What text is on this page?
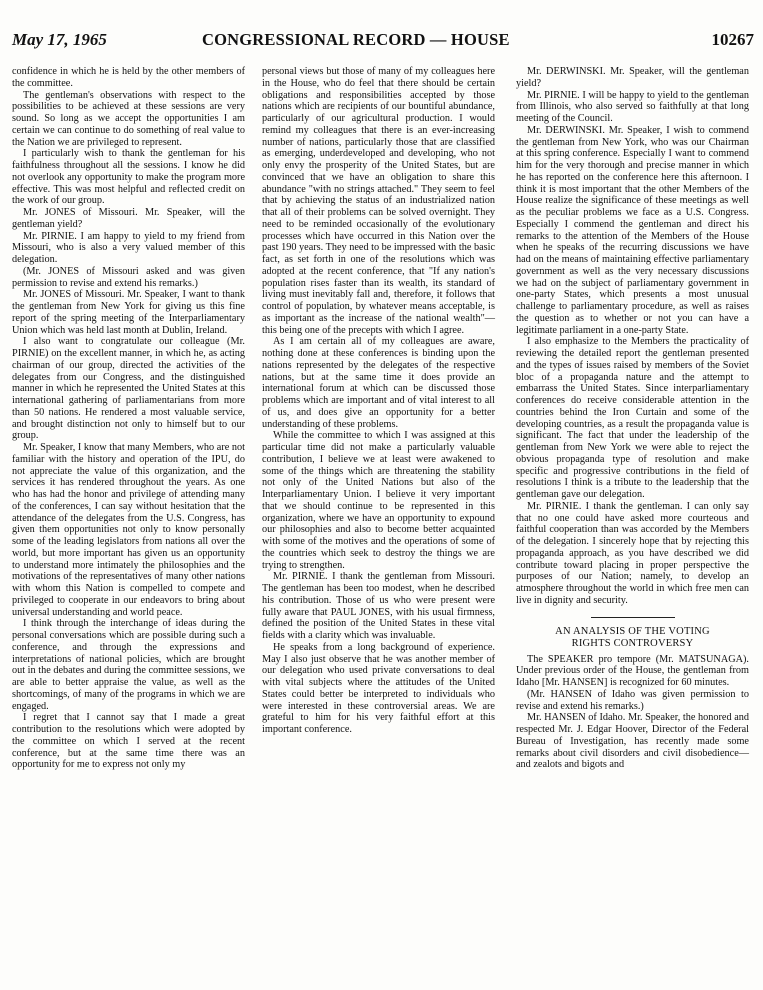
May 17, 1965	CONGRESSIONAL RECORD — HOUSE	10267

confidence in which he is held by the other members of the committee.

The gentleman's observations with respect to the possibilities to be achieved at these sessions are very sound. So long as we accept the opportunities I am certain we can continue to do something of real value to the Nation we are privileged to represent.

I particularly wish to thank the gentleman for his faithfulness throughout all the sessions. I know he did not overlook any opportunity to make the program more effective. This was most helpful and reflected credit on the work of our group.

Mr. JONES of Missouri. Mr. Speaker, will the gentleman yield?

Mr. PIRNIE. I am happy to yield to my friend from Missouri, who is also a very valued member of this delegation.

(Mr. JONES of Missouri asked and was given permission to revise and extend his remarks.)

Mr. JONES of Missouri. Mr. Speaker, I want to thank the gentleman from New York for giving us this fine report of the spring meeting of the Interparliamentary Union which was held last month at Dublin, Ireland.

I also want to congratulate our colleague (Mr. PIRNIE) on the excellent manner, in which he, as acting chairman of our group, directed the activities of the delegates from our Congress, and the distinguished manner in which he represented the United States at this international gathering of parliamentarians from more than 50 nations. He rendered a most valuable service, and brought distinction not only to himself but to our group.

Mr. Speaker, I know that many Members, who are not familiar with the history and operation of the IPU, do not appreciate the value of this organization, and the services it has rendered throughout the years. As one who has had the honor and privilege of attending many of the conferences, I can say without hesitation that the attendance of the delegates from the U.S. Congress, has given them opportunities not only to know personally some of the leading legislators from nations all over the world, but more important has given us an opportunity to understand more intimately the philosophies and the motivations of the representatives of many other nations with whom this Nation is compelled to compete and privileged to cooperate in our endeavors to bring about universal understanding and world peace.

I think through the interchange of ideas during the personal conversations which are possible during such a conference, and through the expressions and interpretations of national policies, which are brought out in the debates and during the committee sessions, we are able to better appraise the value, as well as the shortcomings, of many of the programs in which we are engaged.

I regret that I cannot say that I made a great contribution to the resolutions which were adopted by the committee on which I served at the recent conference, but at the same time there was an opportunity for me to express not only my

personal views but those of many of my colleagues here in the House, who do feel that there should be certain obligations and responsibilities accepted by those nations which are recipients of our bountiful abundance, particularly of our agricultural production. I would remind my colleagues that there is an ever-increasing number of nations, particularly those that are classified as emerging, underdeveloped and developing, who not only envy the prosperity of the United States, but are convinced that we have an obligation to share this abundance "with no strings attached." They seem to feel that by achieving the status of an industrialized nation that all of their problems can be solved overnight. They need to be reminded occasionally of the evolutionary processes which have occurred in this Nation over the past 190 years. They need to be impressed with the basic fact, as set forth in one of the resolutions which was adopted at the recent conference, that "If any nation's population rises faster than its wealth, its standard of living must inevitably fall and, therefore, it follows that control of population, by whatever means acceptable, is as important as the increase of the national wealth"—this being one of the precepts with which I agree.

As I am certain all of my colleagues are aware, nothing done at these conferences is binding upon the nations represented by the delegates of the respective nations, but at the same time it does provide an international forum at which can be discussed those problems which are important and of vital interest to all of us, and does give an opportunity for a better understanding of these problems.

While the committee to which I was assigned at this particular time did not make a particularly valuable contribution, I believe we at least were awakened to some of the things which are threatening the stability not only of the United Nations but also of the Interparliamentary Union. I believe it very important that we should continue to be represented in this organization, where we have an opportunity to expound our philosophies and also to become better acquainted with some of the motives and the operations of some of the countries which seek to destroy the things we are trying to strengthen.

Mr. PIRNIE. I thank the gentleman from Missouri. The gentleman has been too modest, when he described his contribution. Those of us who were present were fully aware that PAUL JONES, with his usual firmness, defined the position of the United States in these vital fields with a clarity which was invaluable.

He speaks from a long background of experience. May I also just observe that he was another member of our delegation who used private conversations to deal with vital subjects where the attitudes of the United States could better be interpreted to individuals who were interested in these controversial areas. We are grateful to him for his very faithful effort at this important conference.

Mr. DERWINSKI. Mr. Speaker, will the gentleman yield?

Mr. PIRNIE. I will be happy to yield to the gentleman from Illinois, who also served so faithfully at that long meeting of the Council.

Mr. DERWINSKI. Mr. Speaker, I wish to commend the gentleman from New York, who was our Chairman at this spring conference. Especially I want to commend him for the very thorough and precise manner in which he has reported on the conference here this afternoon. I think it is most important that the other Members of the House realize the significance of these meetings as well as the peculiar problems we face as a U.S. Congress. Especially I commend the gentleman and direct his remarks to the attention of the Members of the House when he speaks of the recurring discussions we have had on the means of maintaining effective parliamentary government as well as the very necessary discussions we had on the subject of parliamentary government in one-party States, which presents a most unusual challenge to parliamentary procedure, as well as raises the question as to whether or not you can have a legitimate parliament in a one-party State.

I also emphasize to the Members the practicality of reviewing the detailed report the gentleman presented and the types of issues raised by members of the Soviet bloc of a propaganda nature and the attempt to embarrass the United States. Since interparliamentary conferences do receive considerable attention in the countries behind the Iron Curtain and some of the developing countries, as a result the propaganda value is significant. The fact that under the leadership of the gentleman from New York we were able to reject the obvious propaganda type of resolution and make specific and progressive contributions in the field of resolutions I think is a tribute to the leadership that the gentleman gave our delegation.

Mr. PIRNIE. I thank the gentleman. I can only say that no one could have asked more courteous and faithful cooperation than was accorded by the Members of the delegation. I sincerely hope that by rejecting this propaganda approach, as you have described we did contribute toward placing in proper perspective the purposes of our Nation; namely, to develop an atmosphere throughout the world in which free men can live in dignity and security.

AN ANALYSIS OF THE VOTING
RIGHTS CONTROVERSY

The SPEAKER pro tempore (Mr. MATSUNAGA). Under previous order of the House, the gentleman from Idaho [Mr. HANSEN] is recognized for 60 minutes.

(Mr. HANSEN of Idaho was given permission to revise and extend his remarks.)

Mr. HANSEN of Idaho. Mr. Speaker, the honored and respected Mr. J. Edgar Hoover, Director of the Federal Bureau of Investigation, has recently made some remarks about civil disorders and civil disobedience—and zealots and bigots and
